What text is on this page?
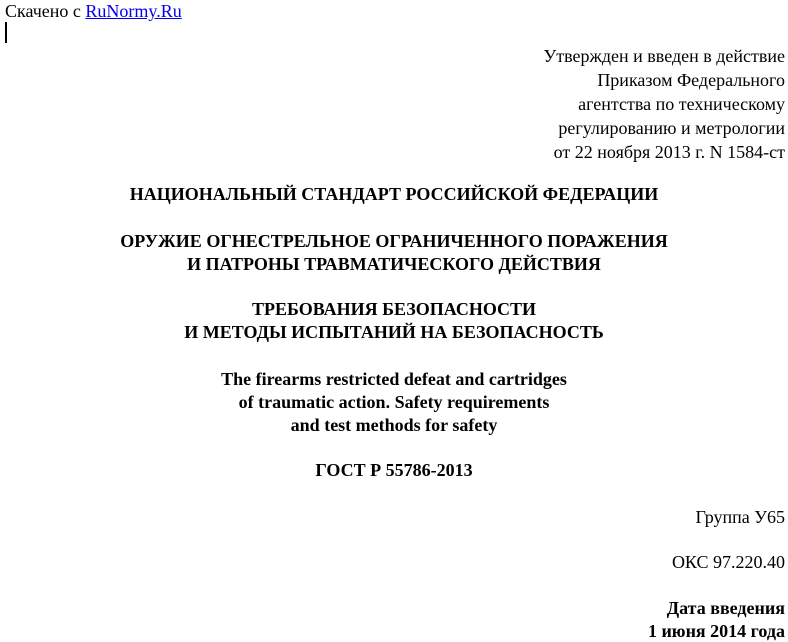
Скачено с RuNormy.Ru
Утвержден и введен в действие
Приказом Федерального
агентства по техническому
регулированию и метрологии
от 22 ноября 2013 г. N 1584-ст
НАЦИОНАЛЬНЫЙ СТАНДАРТ РОССИЙСКОЙ ФЕДЕРАЦИИ
ОРУЖИЕ ОГНЕСТРЕЛЬНОЕ ОГРАНИЧЕННОГО ПОРАЖЕНИЯ
И ПАТРОНЫ ТРАВМАТИЧЕСКОГО ДЕЙСТВИЯ
ТРЕБОВАНИЯ БЕЗОПАСНОСТИ
И МЕТОДЫ ИСПЫТАНИЙ НА БЕЗОПАСНОСТЬ
The firearms restricted defeat and cartridges
of traumatic action. Safety requirements
and test methods for safety
ГОСТ Р 55786-2013
Группа У65
ОКС 97.220.40
Дата введения
1 июня 2014 года
